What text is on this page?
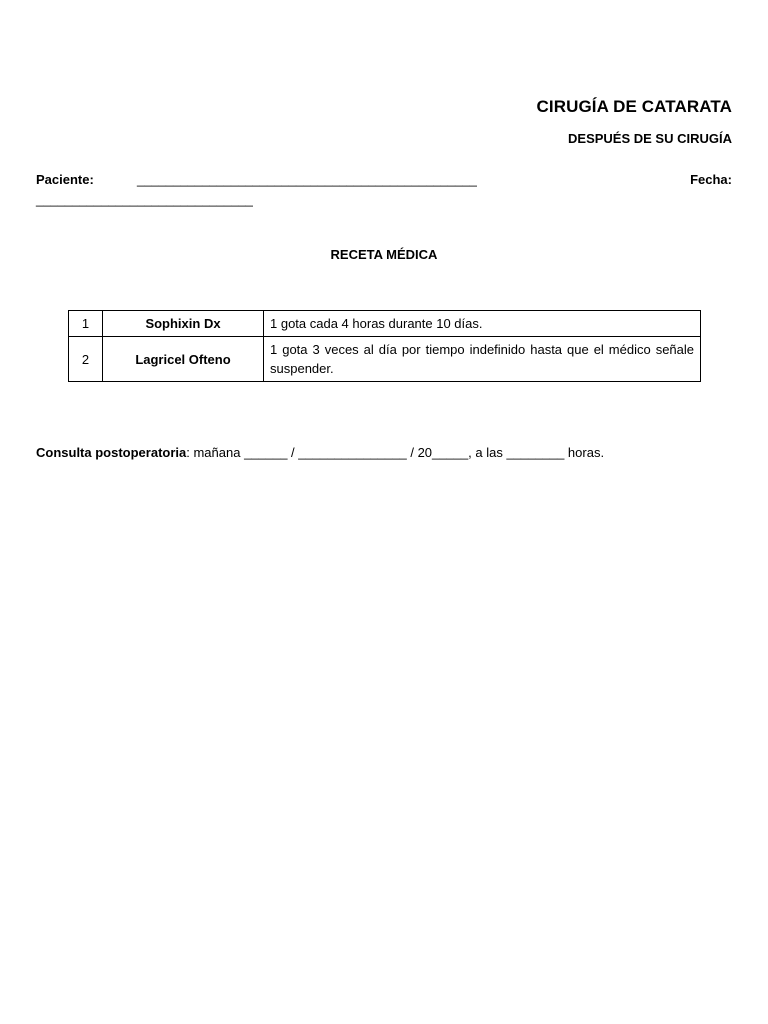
CIRUGÍA DE CATARATA
DESPUÉS DE SU CIRUGÍA
Paciente:	_______________________________________________	Fecha:
______________________________
RECETA MÉDICA
1	Sophixin Dx	1 gota cada 4 horas durante 10 días.
2	Lagricel Ofteno	1 gota 3 veces al día por tiempo indefinido hasta que el médico señale suspender.
Consulta postoperatoria: mañana ______ / _______________ / 20_____, a las ________ horas.
